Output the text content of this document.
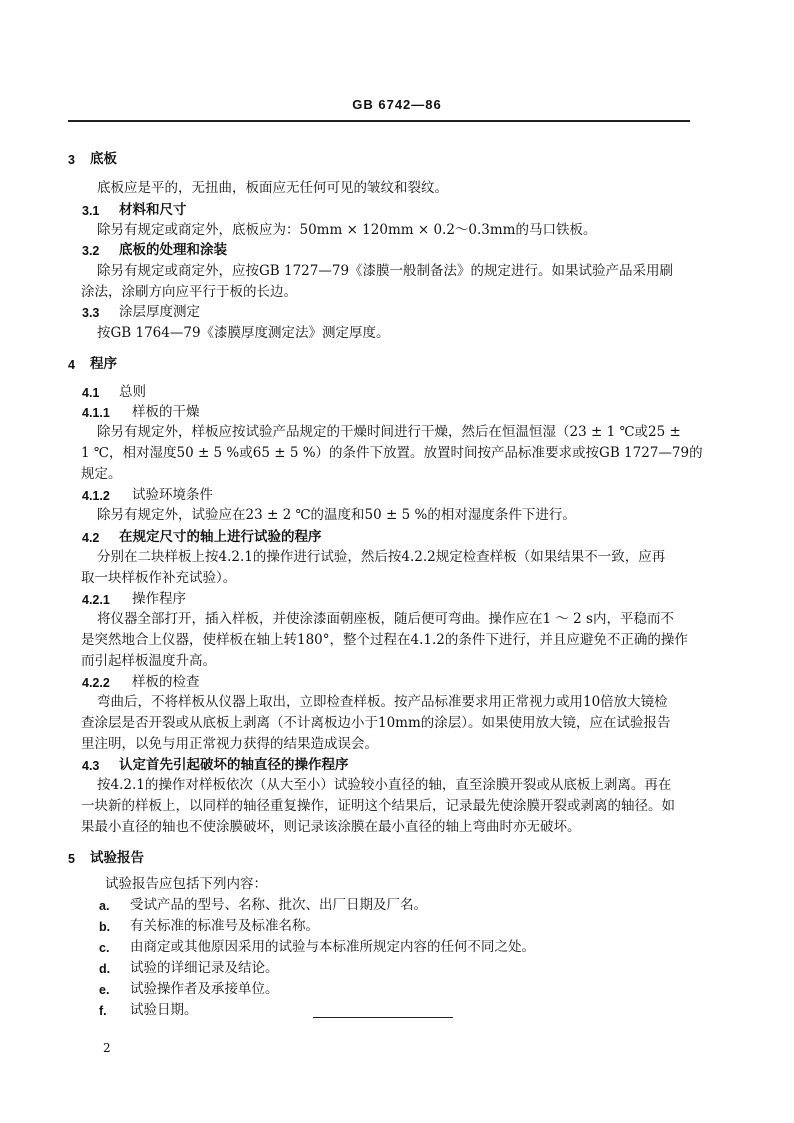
GB 6742—86
3 底板
底板应是平的，无扭曲，板面应无任何可见的皱纹和裂纹。
3.1 材料和尺寸
除另有规定或商定外，底板应为：50mm × 120mm × 0.2～0.3mm的马口铁板。
3.2 底板的处理和涂装
除另有规定或商定外，应按GB 1727—79《漆膜一般制备法》的规定进行。如果试验产品采用刷
涂法，涂刷方向应平行于板的长边。
3.3 涂层厚度测定
按GB 1764—79《漆膜厚度测定法》测定厚度。
4 程序
4.1 总则
4.1.1 样板的干燥
除另有规定外，样板应按试验产品规定的干燥时间进行干燥，然后在恒温恒湿（23 ± 1 ℃或25 ±
1 ℃，相对湿度50 ± 5 %或65 ± 5 %）的条件下放置。放置时间按产品标准要求或按GB 1727—79的
规定。
4.1.2 试验环境条件
除另有规定外，试验应在23 ± 2 ℃的温度和50 ± 5 %的相对湿度条件下进行。
4.2 在规定尺寸的轴上进行试验的程序
分别在二块样板上按4.2.1的操作进行试验，然后按4.2.2规定检查样板（如果结果不一致，应再
取一块样板作补充试验）。
4.2.1 操作程序
将仪器全部打开，插入样板，并使涂漆面朝座板，随后便可弯曲。操作应在1 ～ 2 s内，平稳而不
是突然地合上仪器，使样板在轴上转180°，整个过程在4.1.2的条件下进行，并且应避免不正确的操作
而引起样板温度升高。
4.2.2 样板的检查
弯曲后，不将样板从仪器上取出，立即检查样板。按产品标准要求用正常视力或用10倍放大镜检
查涂层是否开裂或从底板上剥离（不计离板边小于10mm的涂层）。如果使用放大镜，应在试验报告
里注明，以免与用正常视力获得的结果造成误会。
4.3 认定首先引起破坏的轴直径的操作程序
按4.2.1的操作对样板依次（从大至小）试验较小直径的轴，直至涂膜开裂或从底板上剥离。再在
一块新的样板上，以同样的轴径重复操作，证明这个结果后，记录最先使涂膜开裂或剥离的轴径。如
果最小直径的轴也不使涂膜破坏，则记录该涂膜在最小直径的轴上弯曲时亦无破坏。
5 试验报告
试验报告应包括下列内容：
a. 受试产品的型号、名称、批次、出厂日期及厂名。
b. 有关标准的标准号及标准名称。
c. 由商定或其他原因采用的试验与本标准所规定内容的任何不同之处。
d. 试验的详细记录及结论。
e. 试验操作者及承接单位。
f. 试验日期。
2
